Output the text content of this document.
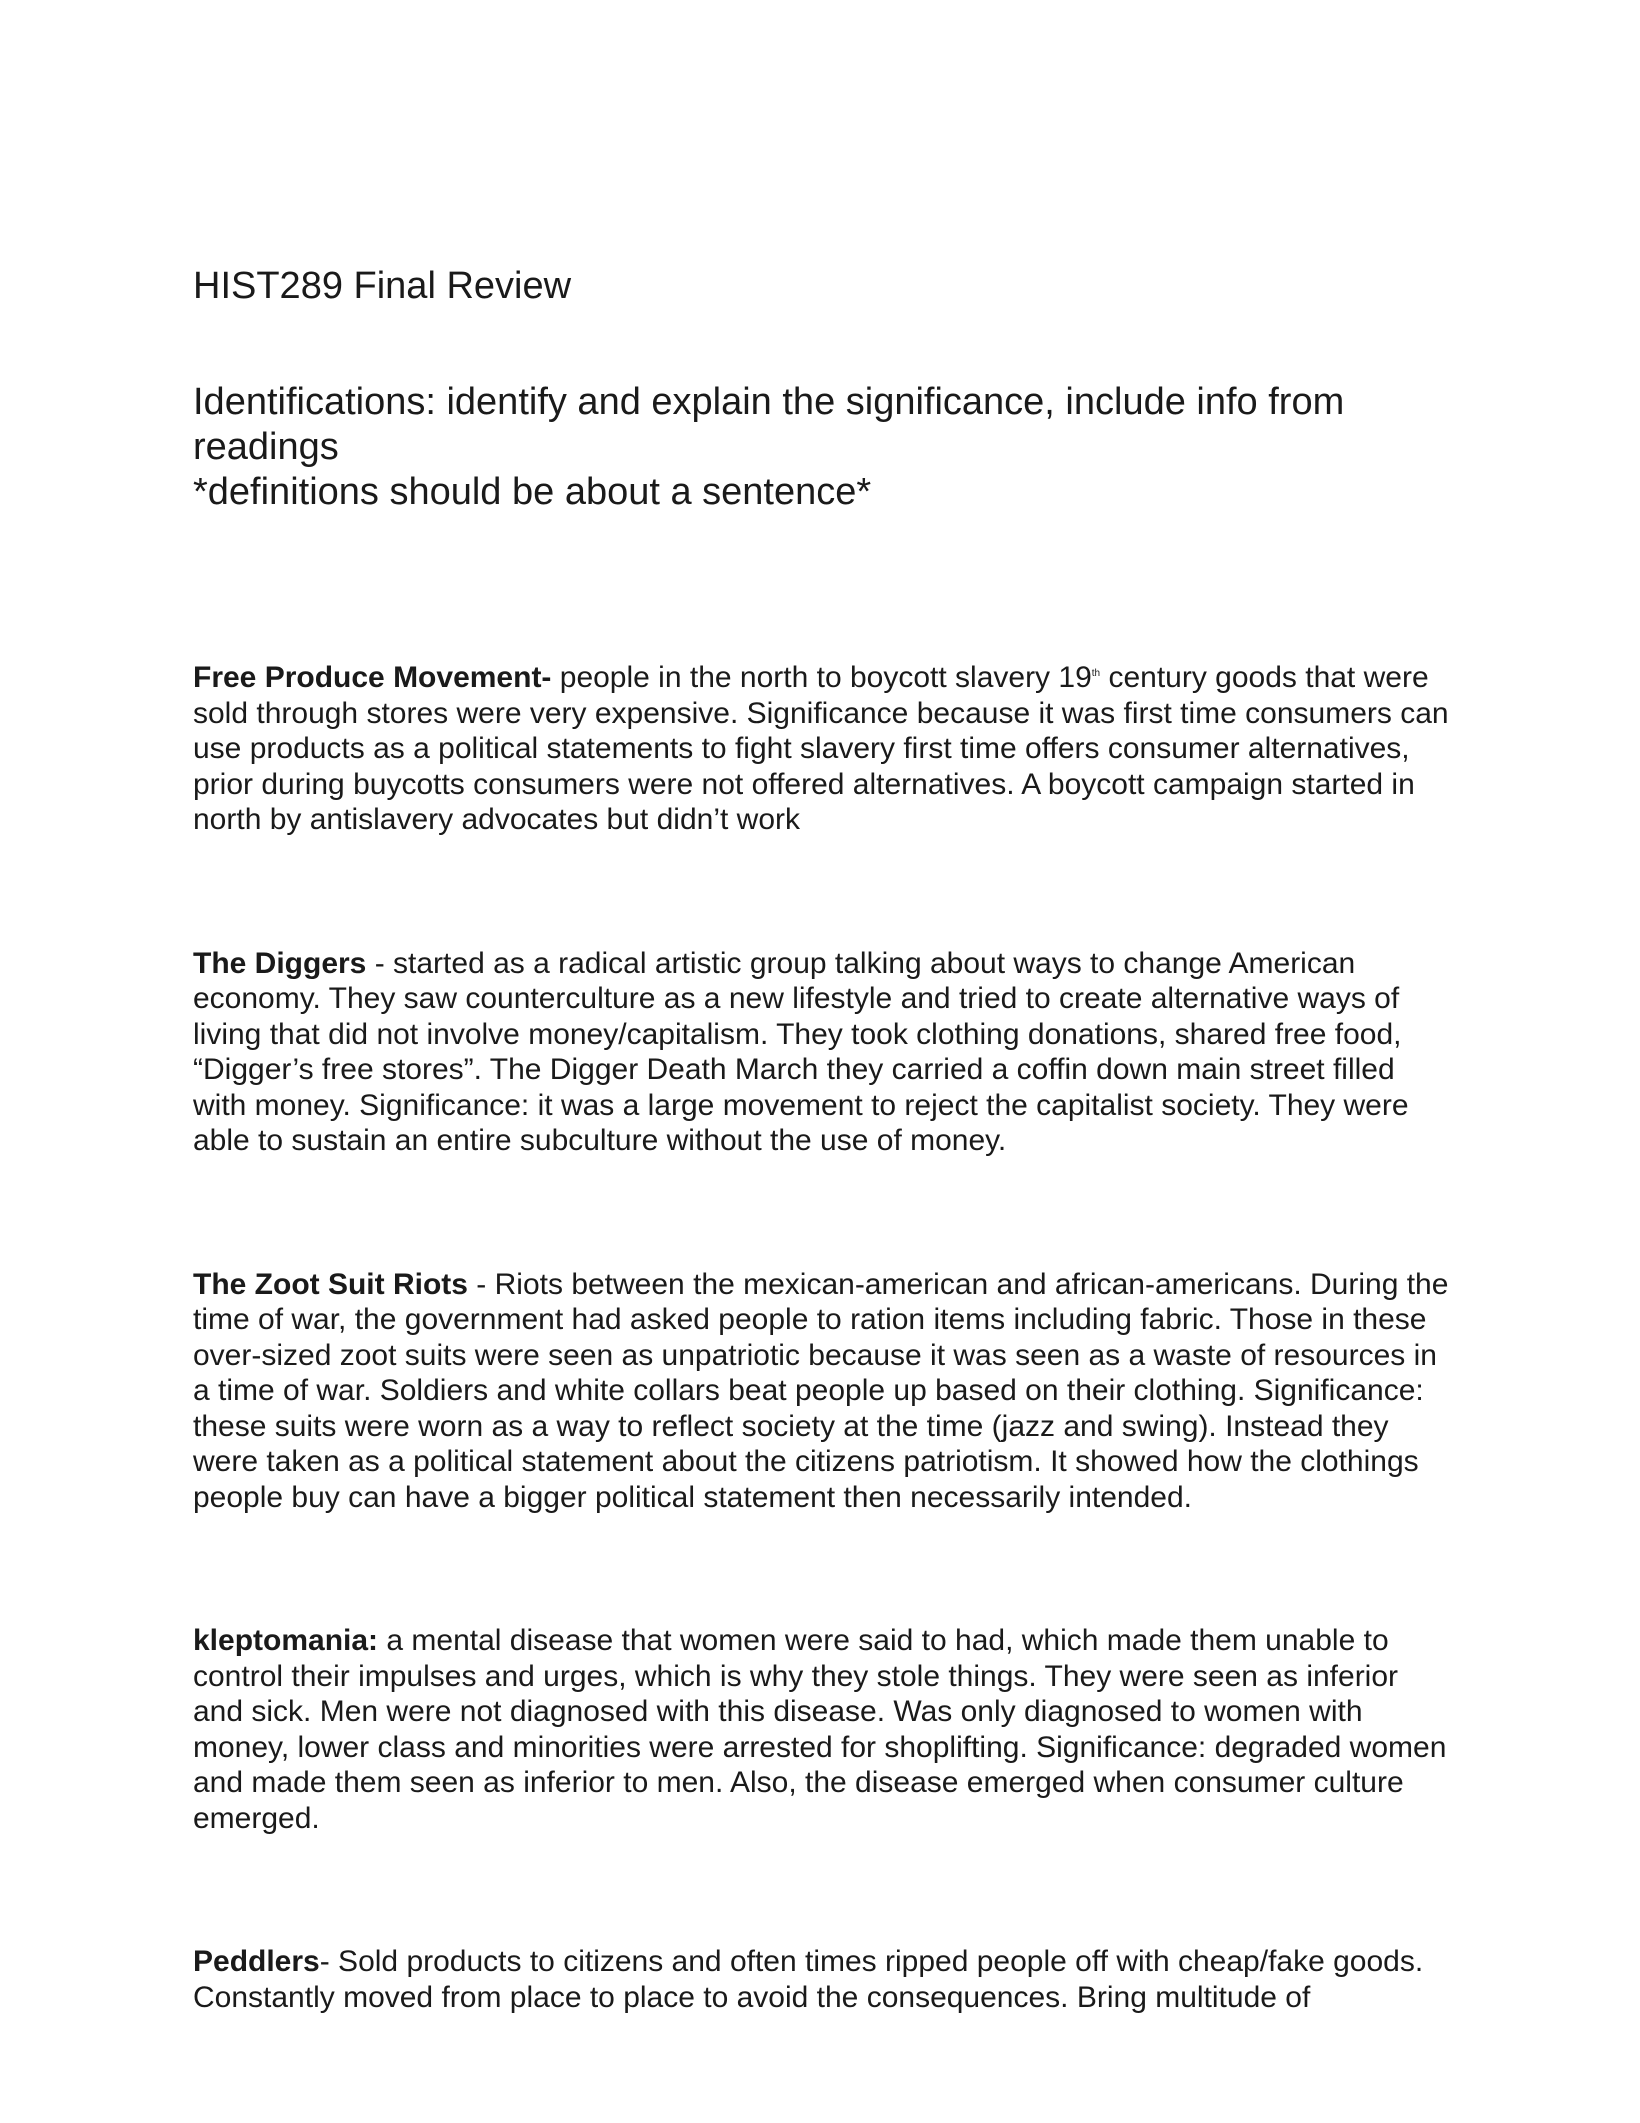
HIST289 Final Review

Identifications: identify and explain the significance, include info from readings

*definitions should be about a sentence*

Free Produce Movement- people in the north to boycott slavery 19th century goods that were sold through stores were very expensive. Significance because it was first time consumers can use products as a political statements to fight slavery first time offers consumer alternatives, prior during buycotts consumers were not offered alternatives. A boycott campaign started in north by antislavery advocates but didn’t work

The Diggers - started as a radical artistic group talking about ways to change American economy. They saw counterculture as a new lifestyle and tried to create alternative ways of living that did not involve money/capitalism. They took clothing donations, shared free food, “Digger’s free stores”. The Digger Death March they carried a coffin down main street filled with money. Significance: it was a large movement to reject the capitalist society. They were able to sustain an entire subculture without the use of money.

The Zoot Suit Riots - Riots between the mexican-american and african-americans. During the time of war, the government had asked people to ration items including fabric. Those in these over-sized zoot suits were seen as unpatriotic because it was seen as a waste of resources in a time of war. Soldiers and white collars beat people up based on their clothing. Significance: these suits were worn as a way to reflect society at the time (jazz and swing). Instead they were taken as a political statement about the citizens patriotism. It showed how the clothings people buy can have a bigger political statement then necessarily intended.

kleptomania: a mental disease that women were said to had, which made them unable to control their impulses and urges, which is why they stole things. They were seen as inferior and sick. Men were not diagnosed with this disease. Was only diagnosed to women with money, lower class and minorities were arrested for shoplifting. Significance: degraded women and made them seen as inferior to men. Also, the disease emerged when consumer culture emerged.

Peddlers- Sold products to citizens and often times ripped people off with cheap/fake goods. Constantly moved from place to place to avoid the consequences. Bring multitude of
